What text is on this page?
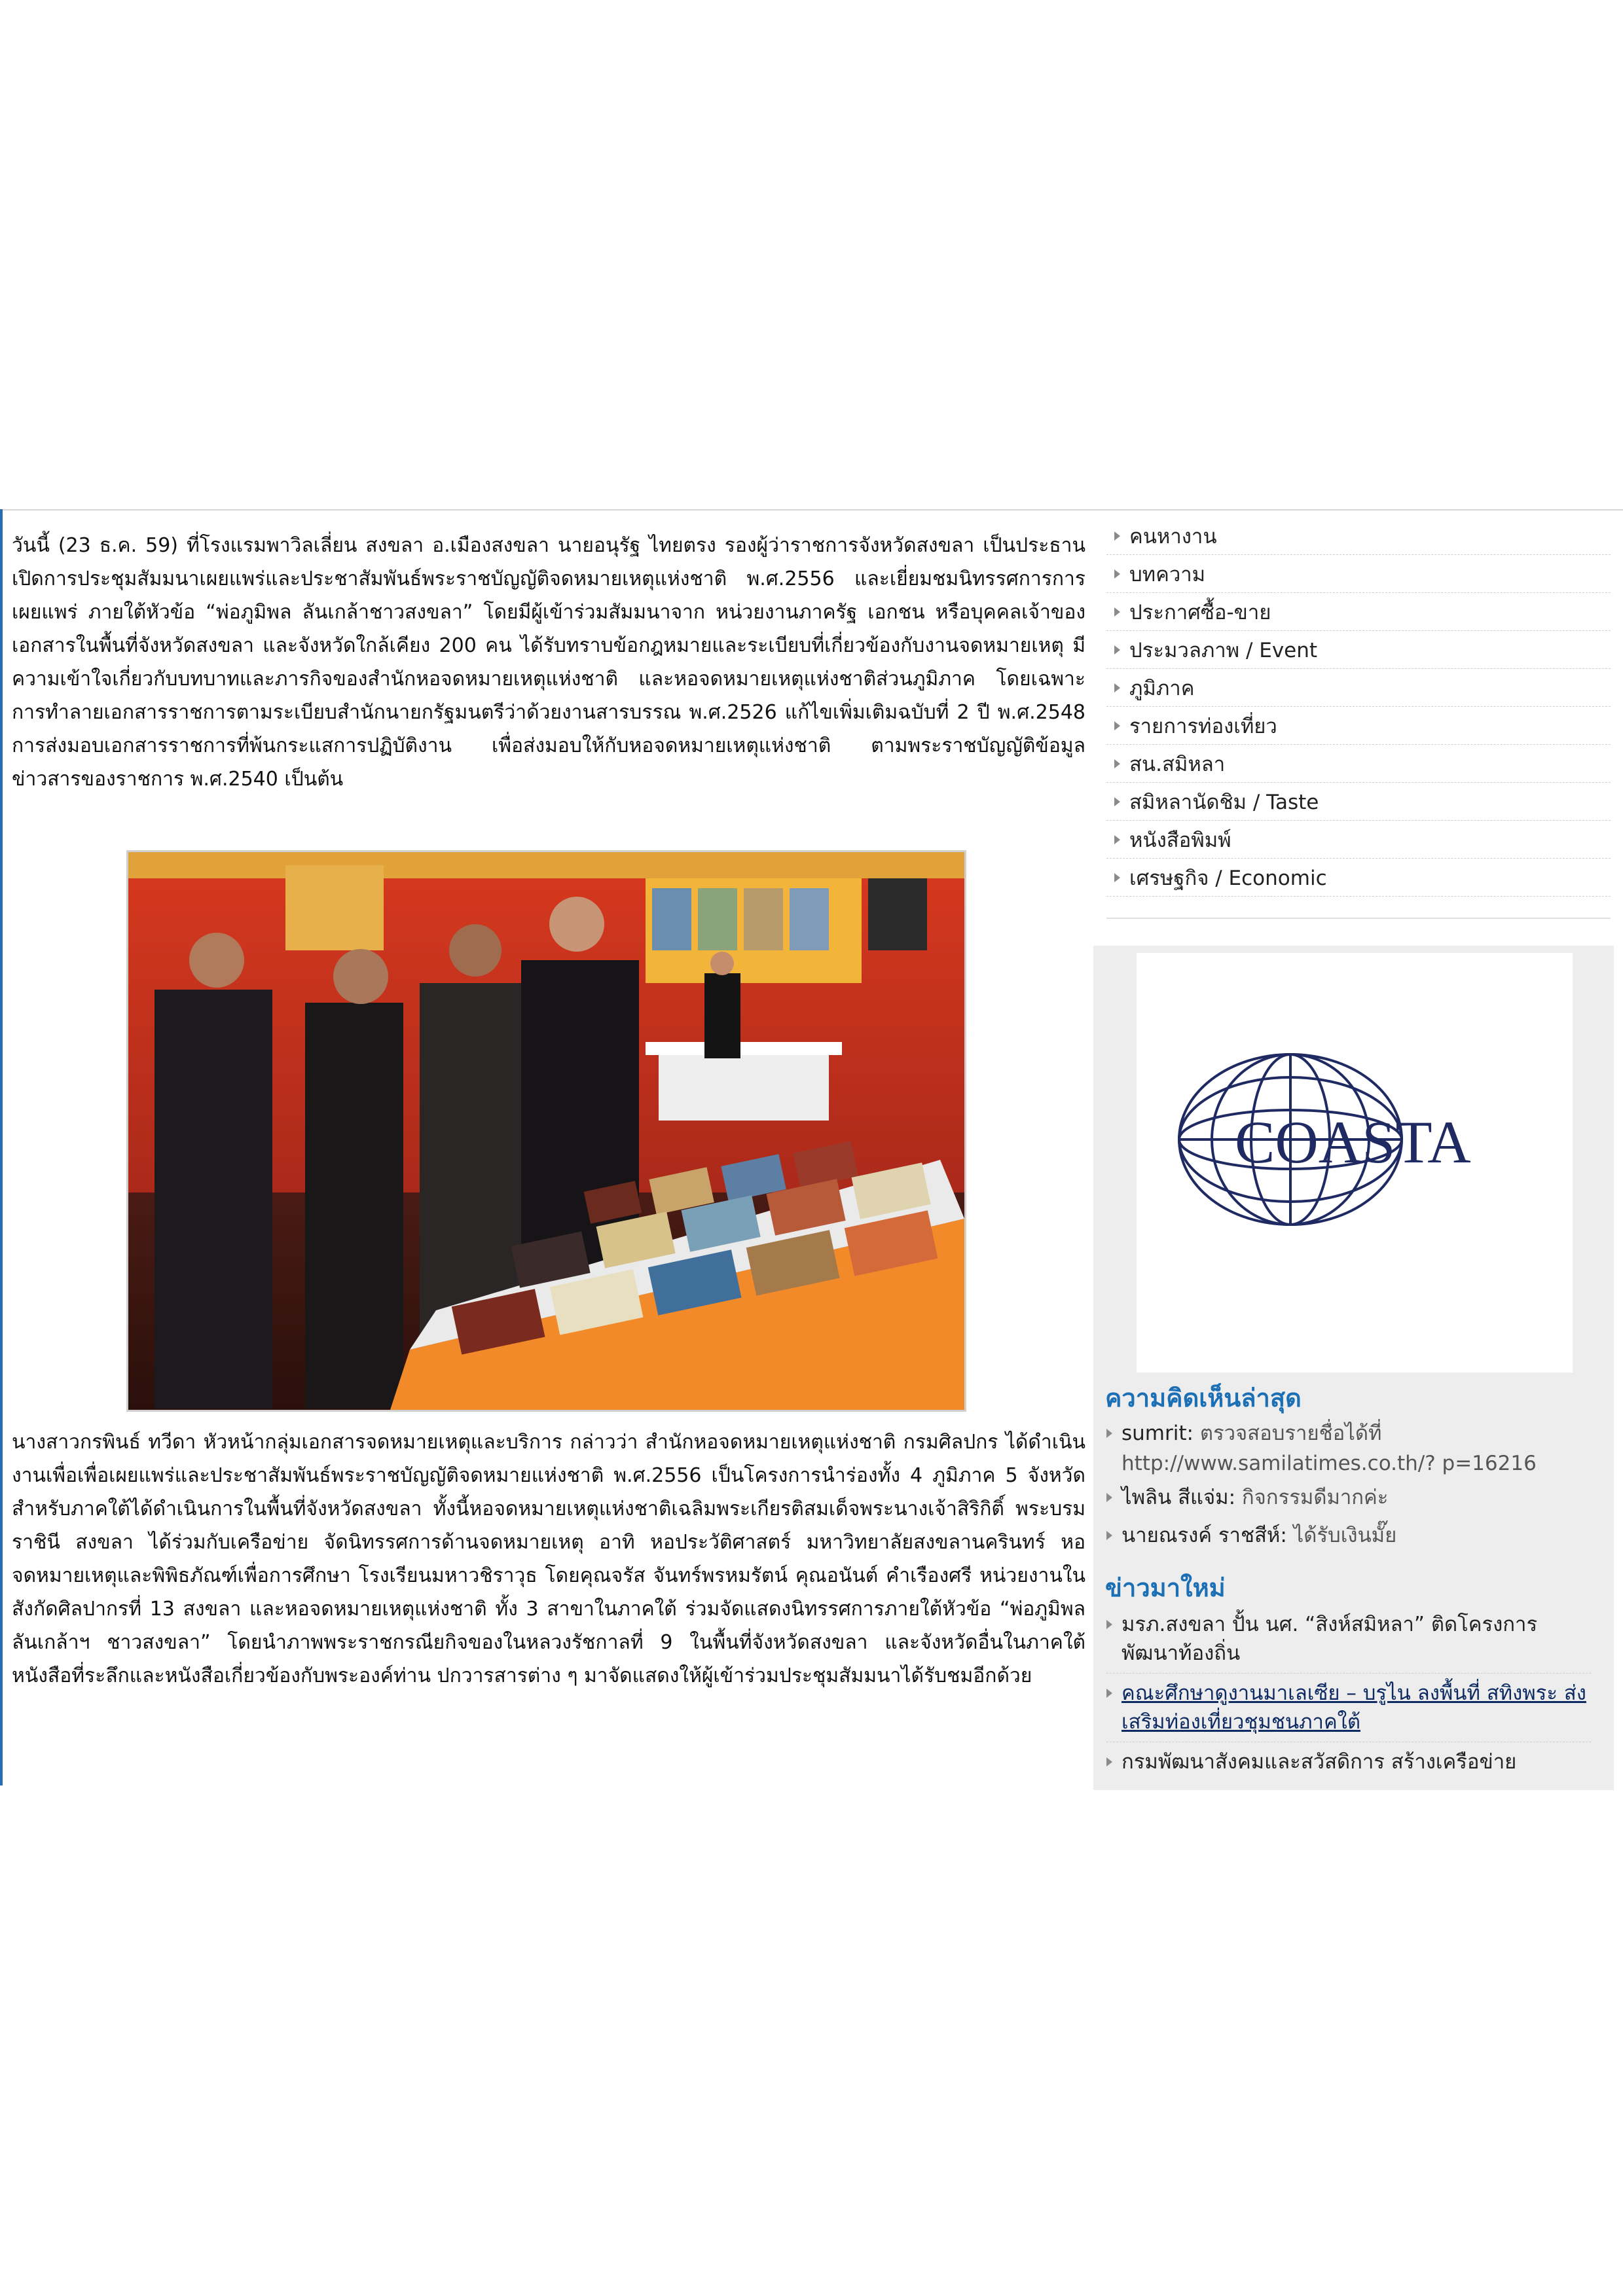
วันนี้ (23 ธ.ค. 59) ที่โรงแรมพาวิลเลี่ยน สงขลา อ.เมืองสงขลา นายอนุรัฐ ไทยตรง รองผู้ว่าราชการจังหวัดสงขลา เป็นประธาน เปิดการประชุมสัมมนาเผยแพร่และประชาสัมพันธ์พระราชบัญญัติจดหมายเหตุแห่งชาติ พ.ศ.2556 และเยี่ยมชมนิทรรศการการเผยแพร่ ภายใต้หัวข้อ “พ่อภูมิพล ลันเกล้าชาวสงขลา” โดยมีผู้เข้าร่วมสัมมนาจาก หน่วยงานภาครัฐ เอกชน หรือบุคคลเจ้าของเอกสารในพื้นที่จังหวัดสงขลา และจังหวัดใกล้เคียง 200 คน ได้รับทราบข้อกฎหมายและระเบียบที่เกี่ยวข้องกับงานจดหมายเหตุ มีความเข้าใจเกี่ยวกับบทบาทและภารกิจของสำนักหอจดหมายเหตุแห่งชาติ และหอจดหมายเหตุแห่งชาติส่วนภูมิภาค โดยเฉพาะการทำลายเอกสารราชการตามระเบียบสำนักนายกรัฐมนตรีว่าด้วยงานสารบรรณ พ.ศ.2526 แก้ไขเพิ่มเติมฉบับที่ 2 ปี พ.ศ.2548 การส่งมอบเอกสารราชการที่พ้นกระแสการปฏิบัติงาน เพื่อส่งมอบให้กับหอจดหมายเหตุแห่งชาติ ตามพระราชบัญญัติข้อมูลข่าวสารของราชการ พ.ศ.2540 เป็นต้น

นางสาวกรพินธ์ ทวีดา หัวหน้ากลุ่มเอกสารจดหมายเหตุและบริการ กล่าวว่า สำนักหอจดหมายเหตุแห่งชาติ กรมศิลปกร ได้ดำเนินงานเพื่อเพื่อเผยแพร่และประชาสัมพันธ์พระราชบัญญัติจดหมายแห่งชาติ พ.ศ.2556 เป็นโครงการนำร่องทั้ง 4 ภูมิภาค 5 จังหวัด สำหรับภาคใต้ได้ดำเนินการในพื้นที่จังหวัดสงขลา ทั้งนี้หอจดหมายเหตุแห่งชาติเฉลิมพระเกียรติสมเด็จพระนางเจ้าสิริกิติ์ พระบรมราชินี สงขลา ได้ร่วมกับเครือข่าย จัดนิทรรศการด้านจดหมายเหตุ อาทิ หอประวัติศาสตร์ มหาวิทยาลัยสงขลานครินทร์ หอจดหมายเหตุและพิพิธภัณฑ์เพื่อการศึกษา โรงเรียนมหาวชิราวุธ โดยคุณจรัส จันทร์พรหมรัตน์ คุณอนันต์ คำเรืองศรี หน่วยงานในสังกัดศิลปากรที่ 13 สงขลา และหอจดหมายเหตุแห่งชาติ ทั้ง 3 สาขาในภาคใต้ ร่วมจัดแสดงนิทรรศการภายใต้หัวข้อ “พ่อภูมิพล ลันเกล้าฯ ชาวสงขลา” โดยนำภาพพระราชกรณียกิจของในหลวงรัชกาลที่ 9 ในพื้นที่จังหวัดสงขลา และจังหวัดอื่นในภาคใต้ หนังสือที่ระลึกและหนังสือเกี่ยวข้องกับพระองค์ท่าน ปกวารสารต่าง ๆ มาจัดแสดงให้ผู้เข้าร่วมประชุมสัมมนาได้รับชมอีกด้วย

คนหางาน
บทความ
ประกาศซื้อ-ขาย
ประมวลภาพ / Event
ภูมิภาค
รายการท่องเที่ยว
สน.สมิหลา
สมิหลานัดชิม / Taste
หนังสือพิมพ์
เศรษฐกิจ / Economic
COASTA
ความคิดเห็นล่าสุด
sumrit: ตรวจสอบรายชื่อได้ที่ http://www.samilatimes.co.th/? p=16216
ไพลิน สีแจ่ม: กิจกรรมดีมากค่ะ
นายณรงค์ ราชสีห์: ได้รับเงินมั๊ย
ข่าวมาใหม่
มรภ.สงขลา ปั้น นศ. “สิงห์สมิหลา” ติดโครงการพัฒนาท้องถิ่น
คณะศึกษาดูงานมาเลเซีย – บรูไน ลงพื้นที่ สทิงพระ ส่งเสริมท่องเที่ยวชุมชนภาคใต้
กรมพัฒนาสังคมและสวัสดิการ สร้างเครือข่าย
